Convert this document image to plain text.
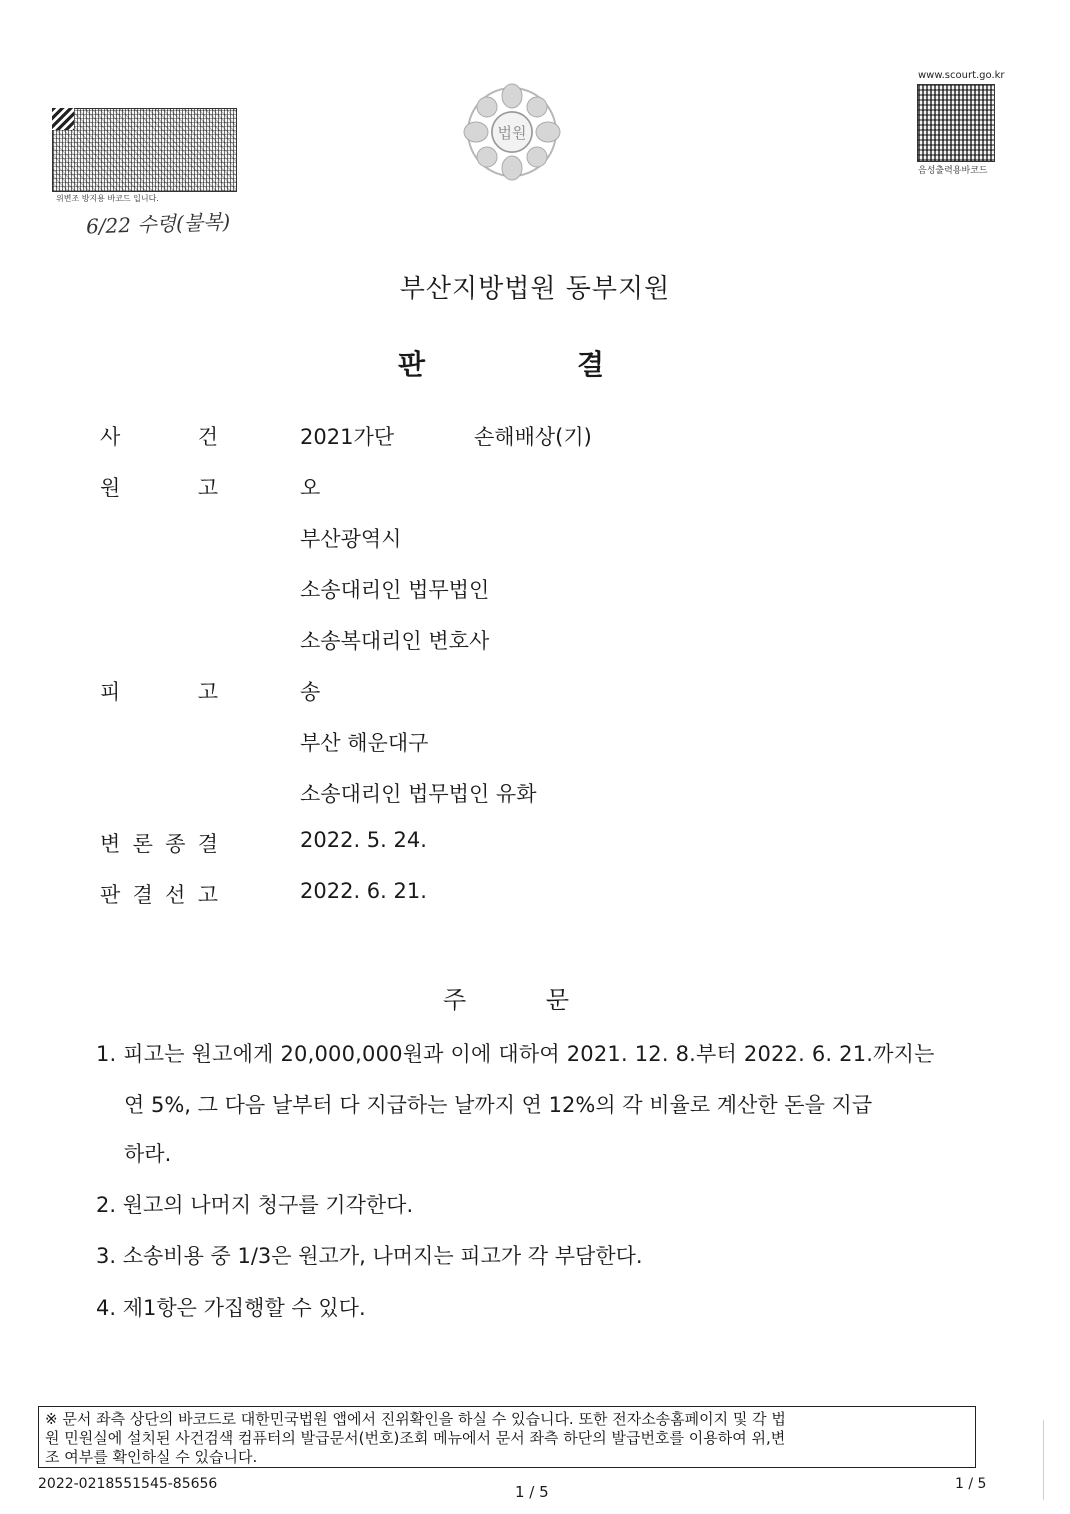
위변조 방지용 바코드 입니다.
6/22 수령(불복)
법원
www.scourt.go.kr
음성출력용바코드
부산지방법원 동부지원
판	결
사	건	2021가단	손해배상(기)
원	고	오
부산광역시
소송대리인 법무법인
소송복대리인 변호사
피	고	송
부산 해운대구
소송대리인 법무법인 유화
변 론 종 결	2022. 5. 24.
판 결 선 고	2022. 6. 21.
주	문
1. 피고는 원고에게 20,000,000원과 이에 대하여 2021. 12. 8.부터 2022. 6. 21.까지는
연 5%, 그 다음 날부터 다 지급하는 날까지 연 12%의 각 비율로 계산한 돈을 지급
하라.
2. 원고의 나머지 청구를 기각한다.
3. 소송비용 중 1/3은 원고가, 나머지는 피고가 각 부담한다.
4. 제1항은 가집행할 수 있다.
※ 문서 좌측 상단의 바코드로 대한민국법원 앱에서 진위확인을 하실 수 있습니다. 또한 전자소송홈페이지 및 각 법
원 민원실에 설치된 사건검색 컴퓨터의 발급문서(번호)조회 메뉴에서 문서 좌측 하단의 발급번호를 이용하여 위,변
조 여부를 확인하실 수 있습니다.
2022-0218551545-85656	1 / 5	1 / 5
